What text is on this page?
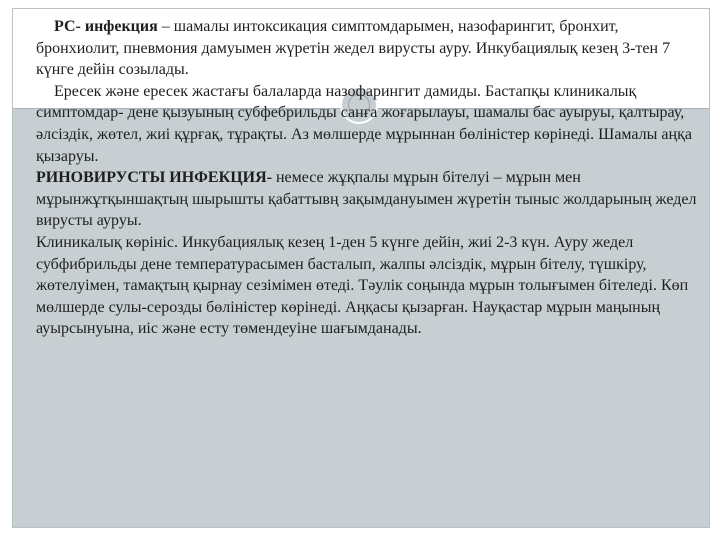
РС- инфекция – шамалы интоксикация симптомдарымен, назофарингит, бронхит, бронхиолит, пневмония дамуымен жүретін жедел вирусты ауру. Инкубациялық кезең 3-тен 7 күнге дейін созылады.

Ересек және ересек жастағы балаларда назофарингит дамиды. Бастапқы клиникалық симптомдар- дене қызуының субфебрильды санға жоғарылауы, шамалы бас ауыруы, қалтырау, әлсіздік, жөтел, жиі құрғақ, тұрақты. Аз мөлшерде мұрыннан бөлiнiстер көрiнедi. Шамалы аңқа қызаруы.

РИНОВИРУСТЫ ИНФЕКЦИЯ- немесе жұқпалы мұрын бiтелуi – мұрын мен мұрынжұтқыншақтың шырышты қабаттывң зақымдануымен жүретiн тыныс жолдарының жедел вирусты ауруы.

Клиникалық көрiнiс. Инкубациялық кезең 1-ден 5 күнге дейiн, жиi 2-3 күн. Ауру жедел субфибрильды дене температурасымен басталып, жалпы әлсiздiк, мұрын бiтелу, түшкiру, жөтелуiмен, тамақтың қырнау сезiмiмен өтедi. Тәулiк соңында мұрын толығымен бiтеледi. Көп мөлшерде сулы-серозды бөлiнiстер көрiнедi. Аңқасы қызарған. Науқастар мұрын маңының ауырсынуына, иiс және есту төмендеуiне шағымданады.
